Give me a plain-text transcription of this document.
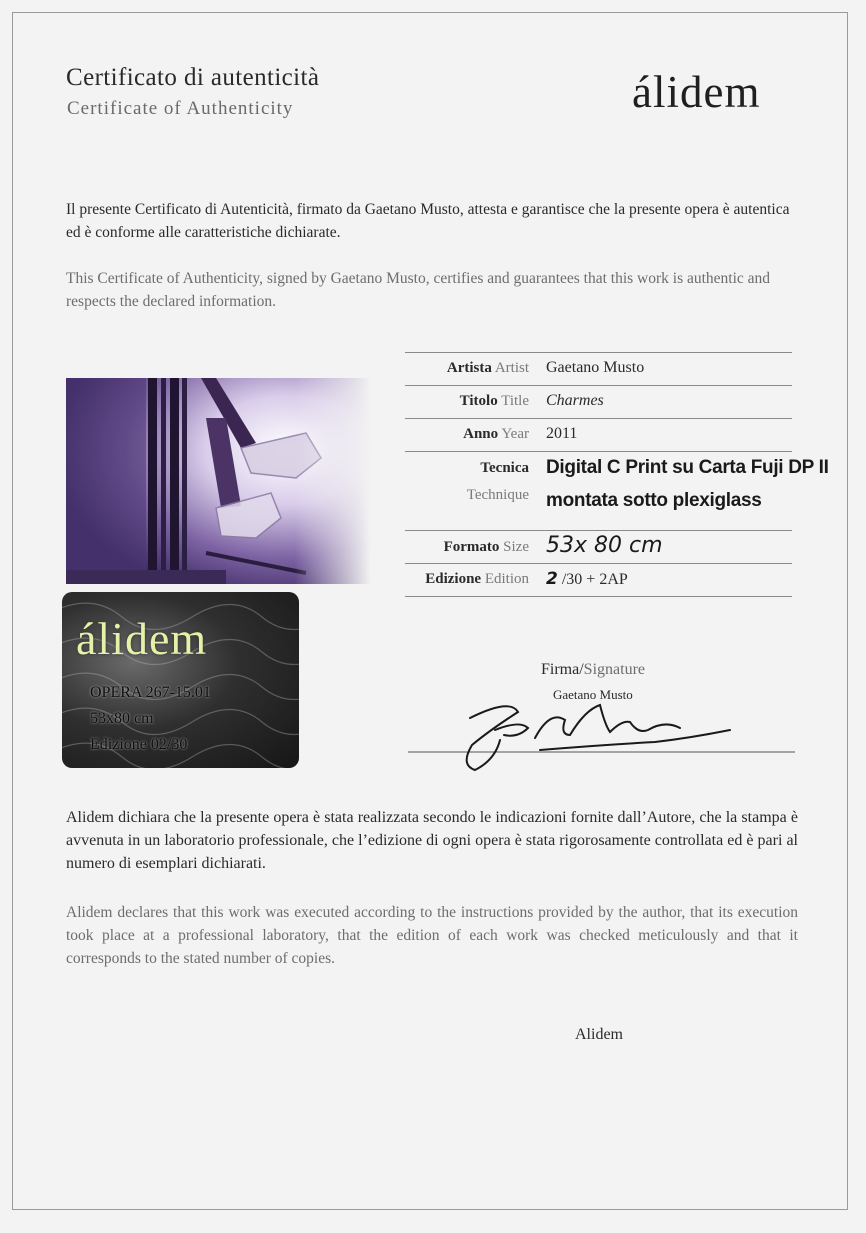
Certificato di autenticità
Certificate of Authenticity	álidem
Il presente Certificato di Autenticità, firmato da Gaetano Musto, attesta e garantisce che la presente opera è autentica ed è conforme alle caratteristiche dichiarate.
This Certificate of Authenticity, signed by Gaetano Musto, certifies and guarantees that this work is authentic and respects the declared information.
álidem
OPERA 267-15.01
53x80 cm
Edizione 02/30
Artista Artist Gaetano Musto
Titolo Title Charmes
Anno Year 2011
Tecnica
Technique
Digital C Print su Carta Fuji DP II
montata sotto plexiglass
Formato Size 53x 80 cm
Edizione Edition 2 /30 + 2AP
Firma/Signature
Gaetano Musto
Alidem dichiara che la presente opera è stata realizzata secondo le indicazioni fornite dall’Autore, che la stampa è avvenuta in un laboratorio professionale, che l’edizione di ogni opera è stata rigorosamente controllata ed è pari al numero di esemplari dichiarati.
Alidem declares that this work was executed according to the instructions provided by the author, that its execution took place at a professional laboratory, that the edition of each work was checked meticulously and that it corresponds to the stated number of copies.
Alidem
